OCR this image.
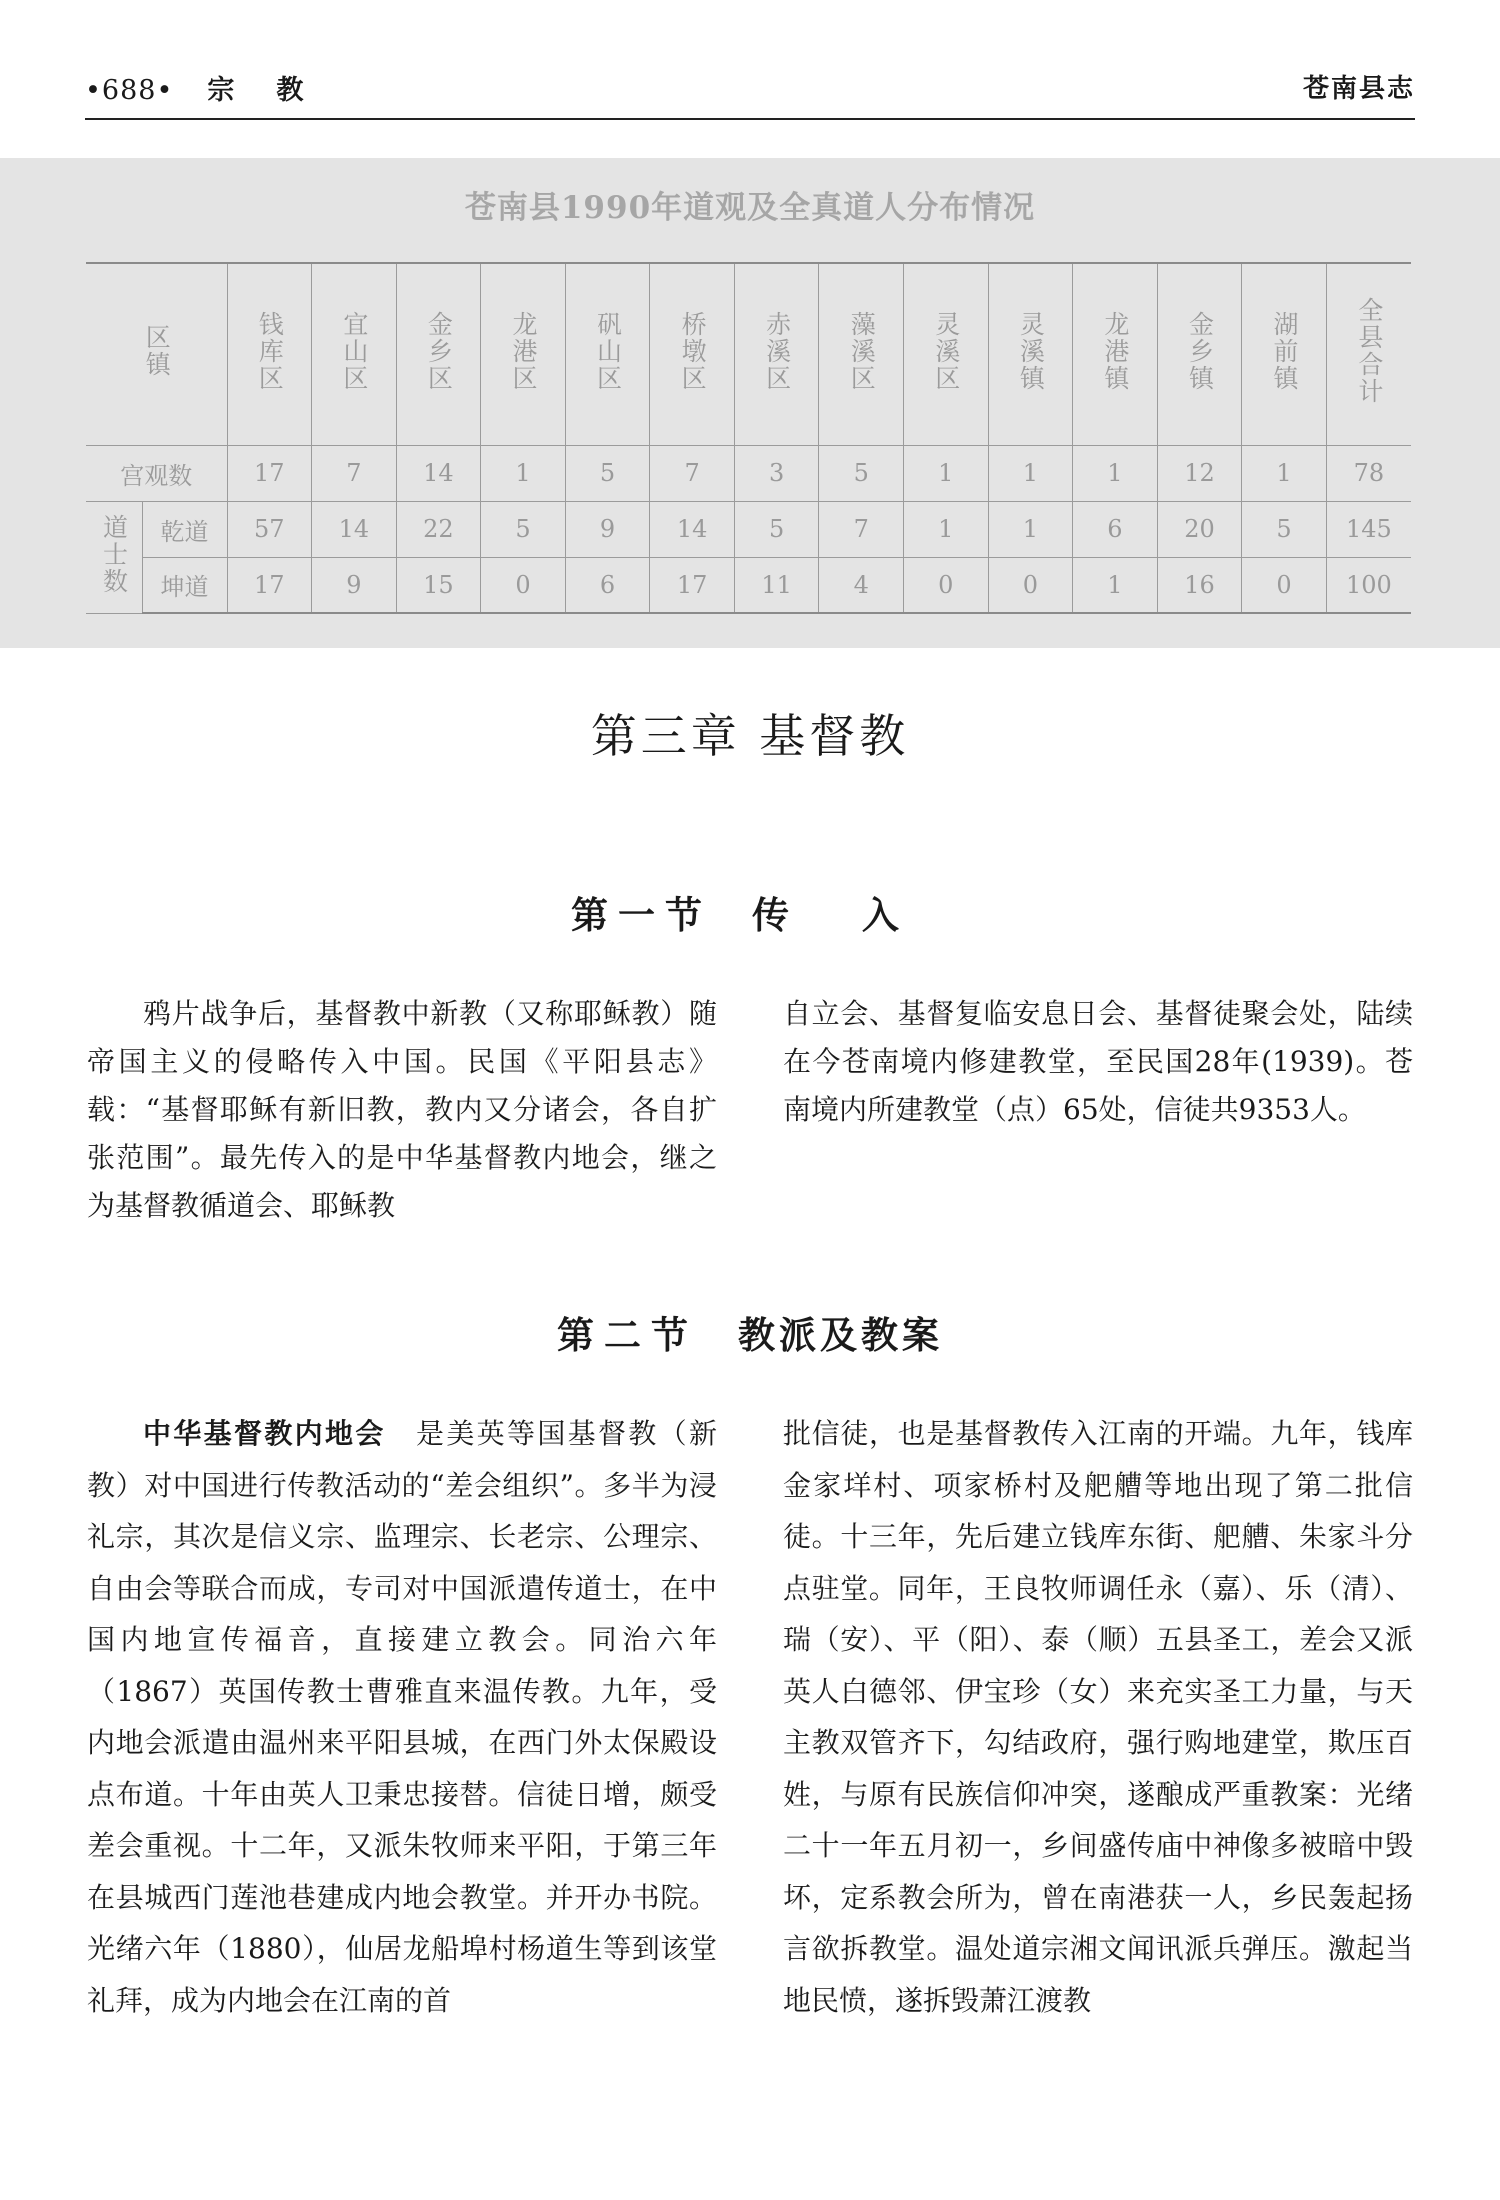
•688• 宗教	苍南县志
苍南县1990年道观及全真道人分布情况
区镇		钱库区	宜山区	金乡区	龙港区	矾山区	桥墩区	赤溪区	藻溪区	灵溪区	灵溪镇	龙港镇	金乡镇	湖前镇	全县合计
宫观数		17	7	14	1	5	7	3	5	1	1	1	12	1	78
道士数	乾道	57	14	22	5	9	14	5	7	1	1	6	20	5	145
	坤道	17	9	15	0	6	17	11	4	0	0	1	16	0	100
第三章 基督教
第一节 传 入

鸦片战争后，基督教中新教（又称耶稣教）随帝国主义的侵略传入中国。民国《平阳县志》载：“基督耶稣有新旧教，教内又分诸会，各自扩张范围”。最先传入的是中华基督教内地会，继之为基督教循道会、耶稣教

自立会、基督复临安息日会、基督徒聚会处，陆续在今苍南境内修建教堂，至民国28年(1939)。苍南境内所建教堂（点）65处，信徒共9353人。

第二节 教派及教案

中华基督教内地会　是美英等国基督教（新教）对中国进行传教活动的“差会组织”。多半为浸礼宗，其次是信义宗、监理宗、长老宗、公理宗、自由会等联合而成，专司对中国派遣传道士，在中国内地宣传福音，直接建立教会。同治六年（1867）英国传教士曹雅直来温传教。九年，受内地会派遣由温州来平阳县城，在西门外太保殿设点布道。十年由英人卫秉忠接替。信徒日增，颇受差会重视。十二年，又派朱牧师来平阳，于第三年在县城西门莲池巷建成内地会教堂。并开办书院。光绪六年（1880），仙居龙船埠村杨道生等到该堂礼拜，成为内地会在江南的首

批信徒，也是基督教传入江南的开端。九年，钱库金家垟村、项家桥村及舥艚等地出现了第二批信徒。十三年，先后建立钱库东街、舥艚、朱家斗分点驻堂。同年，王良牧师调任永（嘉）、乐（清）、瑞（安）、平（阳）、泰（顺）五县圣工，差会又派英人白德邻、伊宝珍（女）来充实圣工力量，与天主教双管齐下，勾结政府，强行购地建堂，欺压百姓，与原有民族信仰冲突，遂酿成严重教案：光绪二十一年五月初一，乡间盛传庙中神像多被暗中毁坏，定系教会所为，曾在南港获一人，乡民轰起扬言欲拆教堂。温处道宗湘文闻讯派兵弹压。激起当地民愤，遂拆毁萧江渡教
